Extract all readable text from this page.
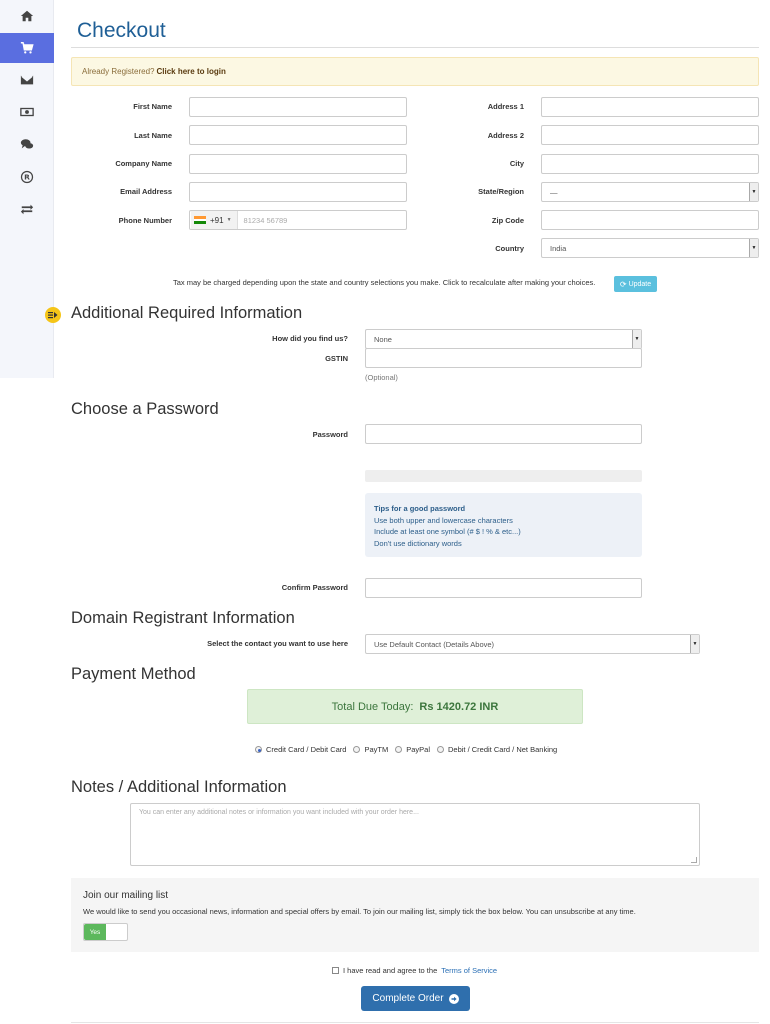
R
Checkout
Already Registered? Click here to login
First Name
Last Name
Company Name
Email Address
Phone Number	+91 ▼ 81234 56789
Address 1
Address 2
City
State/Region	—	▼
Zip Code
Country	India	▼
Tax may be charged depending upon the state and country selections you make. Click to recalculate after making your choices.	⟳ Update
Additional Required Information
How did you find us?	None	▼
GSTIN
(Optional)
Choose a Password
Password
Tips for a good password
Use both upper and lowercase characters
Include at least one symbol (# $ ! % & etc...)
Don't use dictionary words
Confirm Password
Domain Registrant Information
Select the contact you want to use here	Use Default Contact (Details Above)	▼
Payment Method
Total Due Today: Rs 1420.72 INR
Credit Card / Debit Card PayTM PayPal Debit / Credit Card / Net Banking
Notes / Additional Information
You can enter any additional notes or information you want included with your order here...
Join our mailing list

We would like to send you occasional news, information and special offers by email. To join our mailing list, simply tick the box below. You can unsubscribe at any time.

Yes
I have read and agree to the Terms of Service
Complete Order
